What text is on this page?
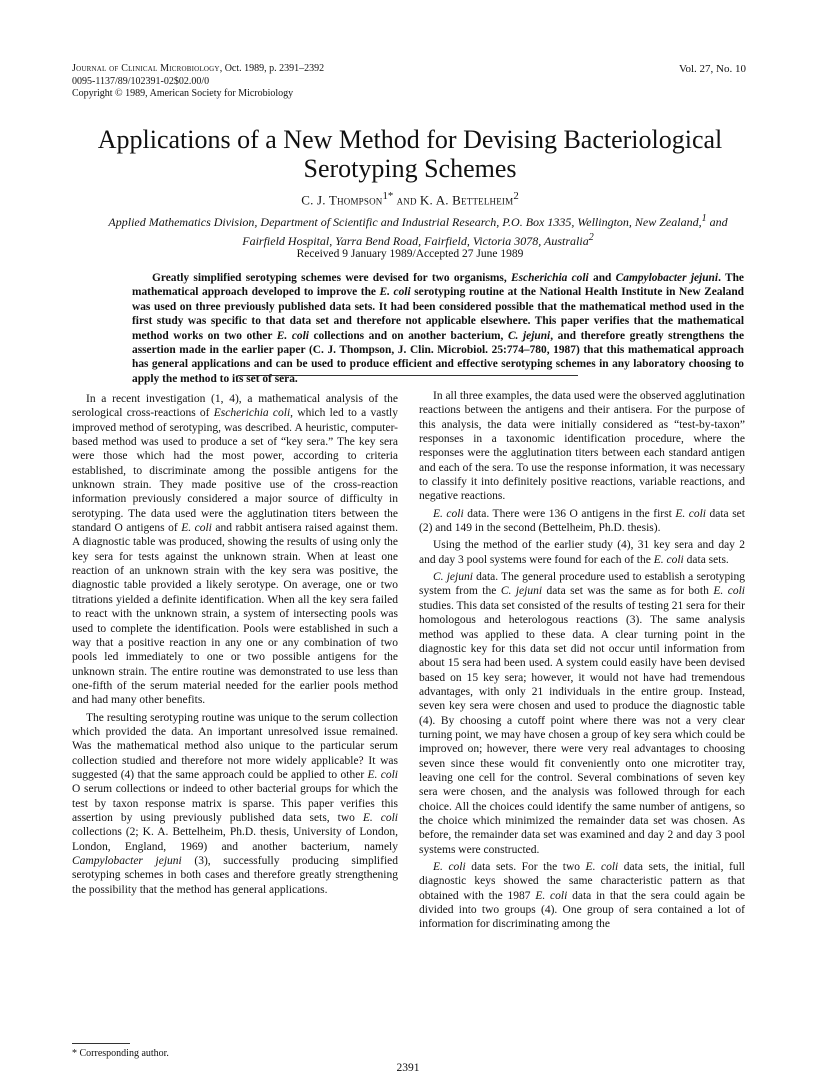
Journal of Clinical Microbiology, Oct. 1989, p. 2391–2392
0095-1137/89/102391-02$02.00/0
Copyright © 1989, American Society for Microbiology
Vol. 27, No. 10
Applications of a New Method for Devising Bacteriological Serotyping Schemes
C. J. Thompson$^{1*}$ and K. A. Bettelheim$^2$
Applied Mathematics Division, Department of Scientific and Industrial Research, P.O. Box 1335, Wellington, New Zealand,$^1$ and Fairfield Hospital, Yarra Bend Road, Fairfield, Victoria 3078, Australia$^2$
Received 9 January 1989/Accepted 27 June 1989

Greatly simplified serotyping schemes were devised for two organisms, Escherichia coli and Campylobacter jejuni. The mathematical approach developed to improve the E. coli serotyping routine at the National Health Institute in New Zealand was used on three previously published data sets. It had been considered possible that the mathematical method used in the first study was specific to that data set and therefore not applicable elsewhere. This paper verifies that the mathematical method works on two other E. coli collections and on another bacterium, C. jejuni, and therefore greatly strengthens the assertion made in the earlier paper (C. J. Thompson, J. Clin. Microbiol. 25:774–780, 1987) that this mathematical approach has general applications and can be used to produce efficient and effective serotyping schemes in any laboratory choosing to apply the method to its set of sera.

In a recent investigation (1, 4), a mathematical analysis of the serological cross-reactions of Escherichia coli, which led to a vastly improved method of serotyping, was described. A heuristic, computer-based method was used to produce a set of “key sera.” The key sera were those which had the most power, according to criteria established, to discriminate among the possible antigens for the unknown strain. They made positive use of the cross-reaction information previously considered a major source of difficulty in serotyping. The data used were the agglutination titers between the standard O antigens of E. coli and rabbit antisera raised against them. A diagnostic table was produced, showing the results of using only the key sera for tests against the unknown strain. When at least one reaction of an unknown strain with the key sera was positive, the diagnostic table provided a likely serotype. On average, one or two titrations yielded a definite identification. When all the key sera failed to react with the unknown strain, a system of intersecting pools was used to complete the identification. Pools were established in such a way that a positive reaction in any one or any combination of two pools led immediately to one or two possible antigens for the unknown strain. The entire routine was demonstrated to use less than one-fifth of the serum material needed for the earlier pools method and had many other benefits.

The resulting serotyping routine was unique to the serum collection which provided the data. An important unresolved issue remained. Was the mathematical method also unique to the particular serum collection studied and therefore not more widely applicable? It was suggested (4) that the same approach could be applied to other E. coli O serum collections or indeed to other bacterial groups for which the test by taxon response matrix is sparse. This paper verifies this assertion by using previously published data sets, two E. coli collections (2; K. A. Bettelheim, Ph.D. thesis, University of London, London, England, 1969) and another bacterium, namely Campylobacter jejuni (3), successfully producing simplified serotyping schemes in both cases and therefore greatly strengthening the possibility that the method has general applications.

In all three examples, the data used were the observed agglutination reactions between the antigens and their antisera. For the purpose of this analysis, the data were initially considered as “test-by-taxon” responses in a taxonomic identification procedure, where the responses were the agglutination titers between each standard antigen and each of the sera. To use the response information, it was necessary to classify it into definitely positive reactions, variable reactions, and negative reactions.

E. coli data. There were 136 O antigens in the first E. coli data set (2) and 149 in the second (Bettelheim, Ph.D. thesis).

Using the method of the earlier study (4), 31 key sera and day 2 and day 3 pool systems were found for each of the E. coli data sets.

C. jejuni data. The general procedure used to establish a serotyping system from the C. jejuni data set was the same as for both E. coli studies. This data set consisted of the results of testing 21 sera for their homologous and heterologous reactions (3). The same analysis method was applied to these data. A clear turning point in the diagnostic key for this data set did not occur until information from about 15 sera had been used. A system could easily have been devised based on 15 key sera; however, it would not have had tremendous advantages, with only 21 individuals in the entire group. Instead, seven key sera were chosen and used to produce the diagnostic table (4). By choosing a cutoff point where there was not a very clear turning point, we may have chosen a group of key sera which could be improved on; however, there were very real advantages to choosing seven since these would fit conveniently onto one microtiter tray, leaving one cell for the control. Several combinations of seven key sera were chosen, and the analysis was followed through for each choice. All the choices could identify the same number of antigens, so the choice which minimized the remainder data set was chosen. As before, the remainder data set was examined and day 2 and day 3 pool systems were constructed.

E. coli data sets. For the two E. coli data sets, the initial, full diagnostic keys showed the same characteristic pattern as that obtained with the 1987 E. coli data in that the sera could again be divided into two groups (4). One group of sera contained a lot of information for discriminating among the

* Corresponding author.
2391
